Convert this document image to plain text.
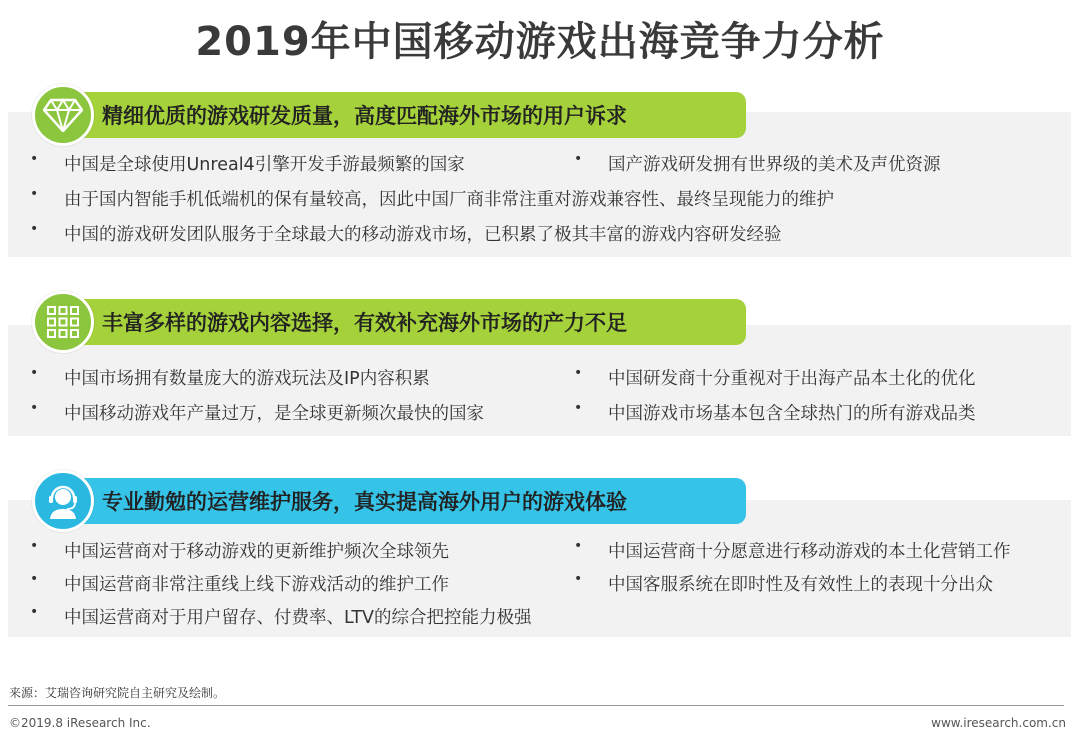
2019年中国移动游戏出海竞争力分析
精细优质的游戏研发质量，高度匹配海外市场的用户诉求
• 中国是全球使用Unreal4引擎开发手游最频繁的国家
• 由于国内智能手机低端机的保有量较高，因此中国厂商非常注重对游戏兼容性、最终呈现能力的维护
• 中国的游戏研发团队服务于全球最大的移动游戏市场，已积累了极其丰富的游戏内容研发经验
• 国产游戏研发拥有世界级的美术及声优资源
丰富多样的游戏内容选择，有效补充海外市场的产力不足
• 中国市场拥有数量庞大的游戏玩法及IP内容积累
• 中国移动游戏年产量过万，是全球更新频次最快的国家
• 中国研发商十分重视对于出海产品本土化的优化
• 中国游戏市场基本包含全球热门的所有游戏品类
专业勤勉的运营维护服务，真实提高海外用户的游戏体验
• 中国运营商对于移动游戏的更新维护频次全球领先
• 中国运营商非常注重线上线下游戏活动的维护工作
• 中国运营商对于用户留存、付费率、LTV的综合把控能力极强
• 中国运营商十分愿意进行移动游戏的本土化营销工作
• 中国客服系统在即时性及有效性上的表现十分出众
来源：艾瑞咨询研究院自主研究及绘制。
©2019.8 iResearch Inc.	www.iresearch.com.cn
